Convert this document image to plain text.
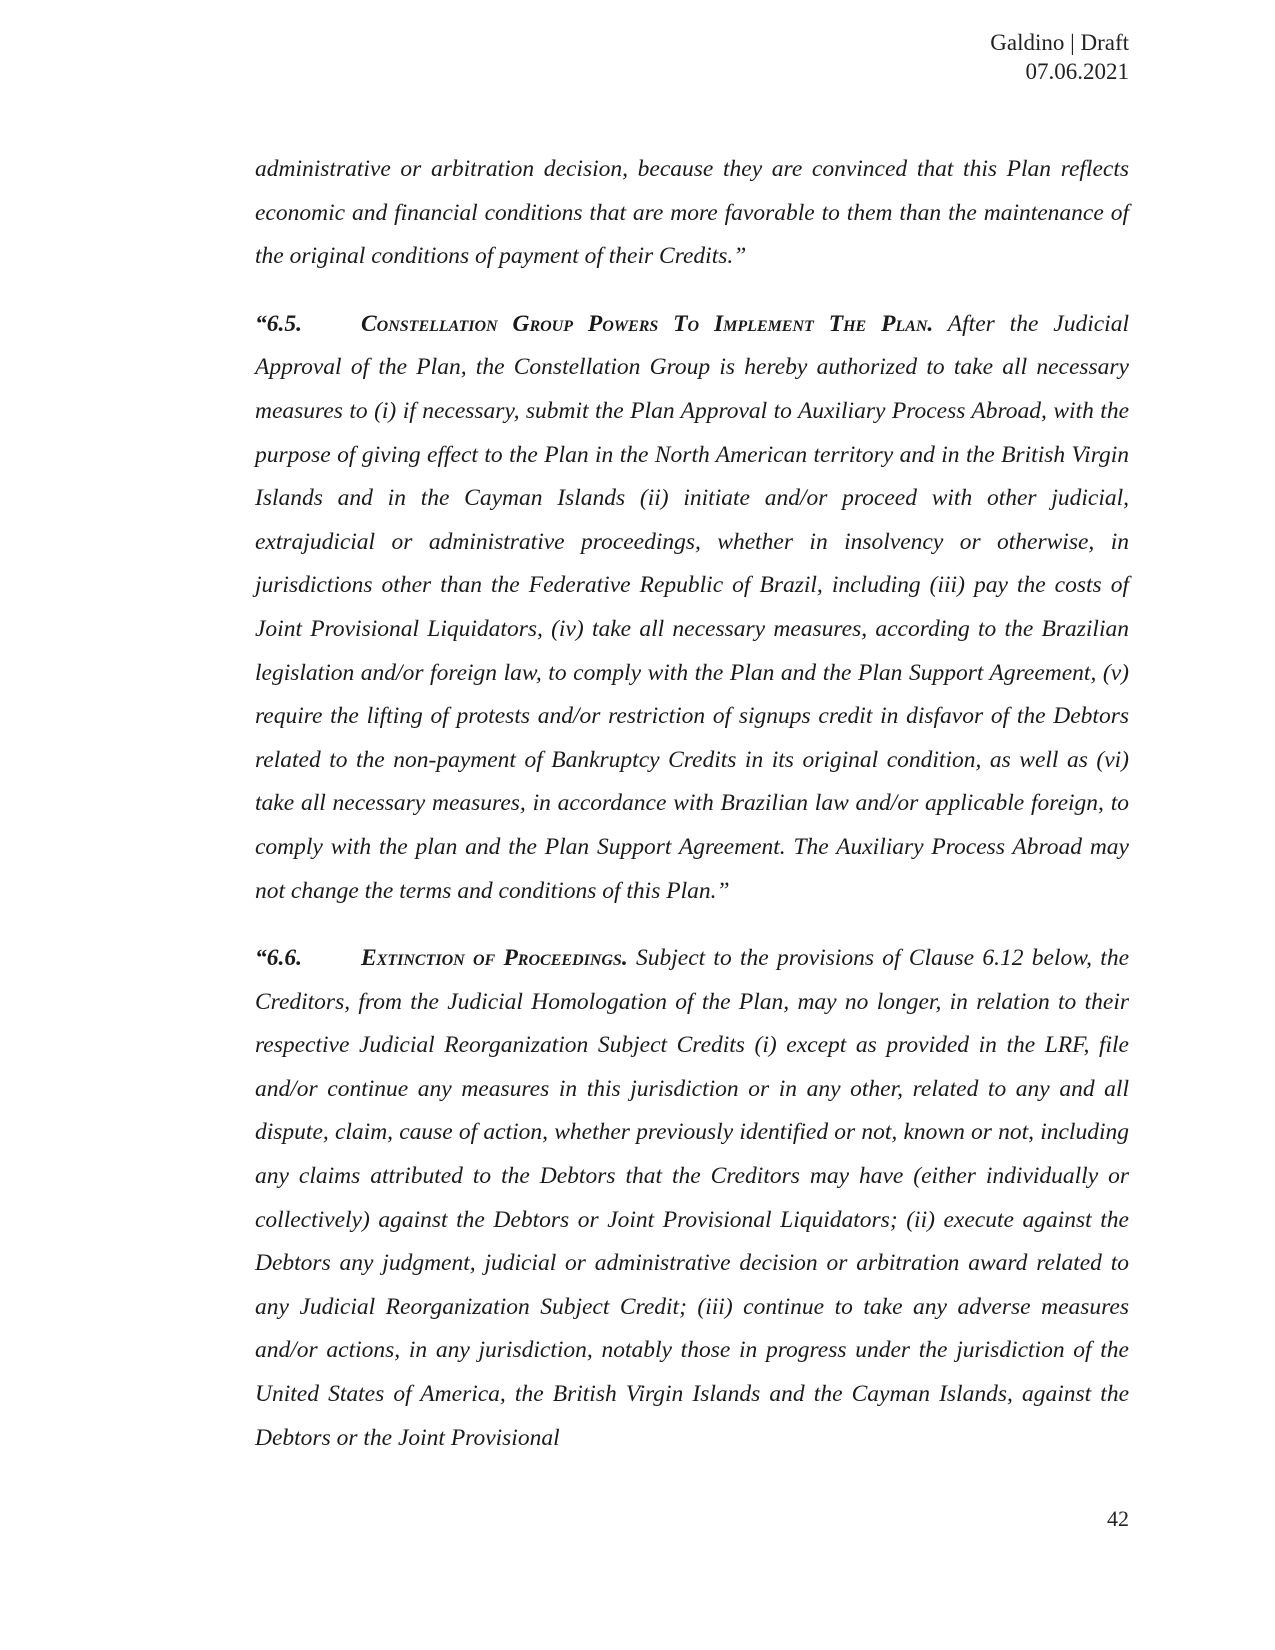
Galdino | Draft
07.06.2021

administrative or arbitration decision, because they are convinced that this Plan reflects economic and financial conditions that are more favorable to them than the maintenance of the original conditions of payment of their Credits.”

“6.5.	Constellation Group Powers To Implement The Plan. After the Judicial Approval of the Plan, the Constellation Group is hereby authorized to take all necessary measures to (i) if necessary, submit the Plan Approval to Auxiliary Process Abroad, with the purpose of giving effect to the Plan in the North American territory and in the British Virgin Islands and in the Cayman Islands (ii) initiate and/or proceed with other judicial, extrajudicial or administrative proceedings, whether in insolvency or otherwise, in jurisdictions other than the Federative Republic of Brazil, including (iii) pay the costs of Joint Provisional Liquidators, (iv) take all necessary measures, according to the Brazilian legislation and/or foreign law, to comply with the Plan and the Plan Support Agreement, (v) require the lifting of protests and/or restriction of signups credit in disfavor of the Debtors related to the non-payment of Bankruptcy Credits in its original condition, as well as (vi) take all necessary measures, in accordance with Brazilian law and/or applicable foreign, to comply with the plan and the Plan Support Agreement. The Auxiliary Process Abroad may not change the terms and conditions of this Plan.”

“6.6.	Extinction of Proceedings. Subject to the provisions of Clause 6.12 below, the Creditors, from the Judicial Homologation of the Plan, may no longer, in relation to their respective Judicial Reorganization Subject Credits (i) except as provided in the LRF, file and/or continue any measures in this jurisdiction or in any other, related to any and all dispute, claim, cause of action, whether previously identified or not, known or not, including any claims attributed to the Debtors that the Creditors may have (either individually or collectively) against the Debtors or Joint Provisional Liquidators; (ii) execute against the Debtors any judgment, judicial or administrative decision or arbitration award related to any Judicial Reorganization Subject Credit; (iii) continue to take any adverse measures and/or actions, in any jurisdiction, notably those in progress under the jurisdiction of the United States of America, the British Virgin Islands and the Cayman Islands, against the Debtors or the Joint Provisional

42
